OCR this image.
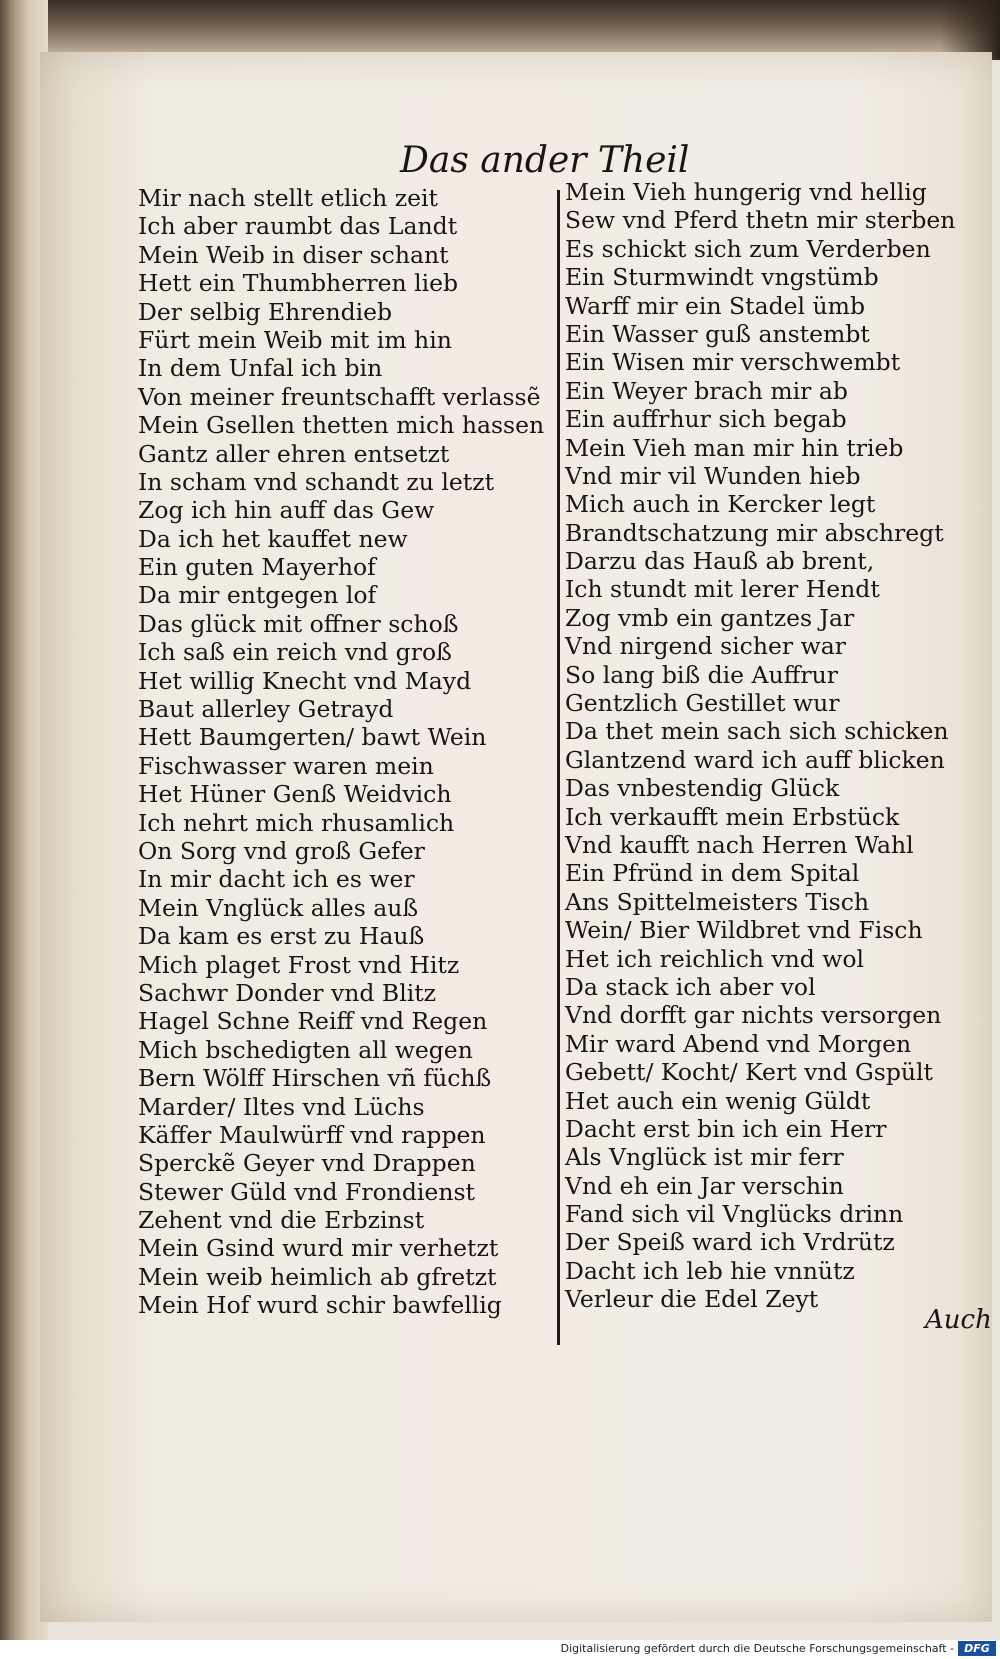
Das ander Theil
Mir nach stellt etlich zeit
Ich aber raumbt das Landt
Mein Weib in diser schant
Hett ein Thumbherren lieb
Der selbig Ehrendieb
Fürt mein Weib mit im hin
In dem Unfal ich bin
Von meiner freuntschafft verlassẽ
Mein Gsellen thetten mich hassen
Gantz aller ehren entsetzt
In scham vnd schandt zu letzt
Zog ich hin auff das Gew
Da ich het kauffet new
Ein guten Mayerhof
Da mir entgegen lof
Das glück mit offner schoß
Ich saß ein reich vnd groß
Het willig Knecht vnd Mayd
Baut allerley Getrayd
Hett Baumgerten/ bawt Wein
Fischwasser waren mein
Het Hüner Genß Weidvich
Ich nehrt mich rhusamlich
On Sorg vnd groß Gefer
In mir dacht ich es wer
Mein Vnglück alles auß
Da kam es erst zu Hauß
Mich plaget Frost vnd Hitz
Sachwr Donder vnd Blitz
Hagel Schne Reiff vnd Regen
Mich bschedigten all wegen
Bern Wölff Hirschen vñ füchß
Marder/ Iltes vnd Lüchs
Käffer Maulwürff vnd rappen
Sperckẽ Geyer vnd Drappen
Stewer Güld vnd Frondienst
Zehent vnd die Erbzinst
Mein Gsind wurd mir verhetzt
Mein weib heimlich ab gfretzt
Mein Hof wurd schir bawfellig
Mein Vieh hungerig vnd hellig
Sew vnd Pferd thetn mir sterben
Es schickt sich zum Verderben
Ein Sturmwindt vngstümb
Warff mir ein Stadel ümb
Ein Wasser guß anstembt
Ein Wisen mir verschwembt
Ein Weyer brach mir ab
Ein auffrhur sich begab
Mein Vieh man mir hin trieb
Vnd mir vil Wunden hieb
Mich auch in Kercker legt
Brandtschatzung mir abschregt
Darzu das Hauß ab brent,
Ich stundt mit lerer Hendt
Zog vmb ein gantzes Jar
Vnd nirgend sicher war
So lang biß die Auffrur
Gentzlich Gestillet wur
Da thet mein sach sich schicken
Glantzend ward ich auff blicken
Das vnbestendig Glück
Ich verkaufft mein Erbstück
Vnd kaufft nach Herren Wahl
Ein Pfründ in dem Spital
Ans Spittelmeisters Tisch
Wein/ Bier Wildbret vnd Fisch
Het ich reichlich vnd wol
Da stack ich aber vol
Vnd dorfft gar nichts versorgen
Mir ward Abend vnd Morgen
Gebett/ Kocht/ Kert vnd Gspült
Het auch ein wenig Güldt
Dacht erst bin ich ein Herr
Als Vnglück ist mir ferr
Vnd eh ein Jar verschin
Fand sich vil Vnglücks drinn
Der Speiß ward ich Vrdrütz
Dacht ich leb hie vnnütz
Verleur die Edel Zeyt
Auch
Digitalisierung gefördert durch die Deutsche Forschungsgemeinschaft - DFG
